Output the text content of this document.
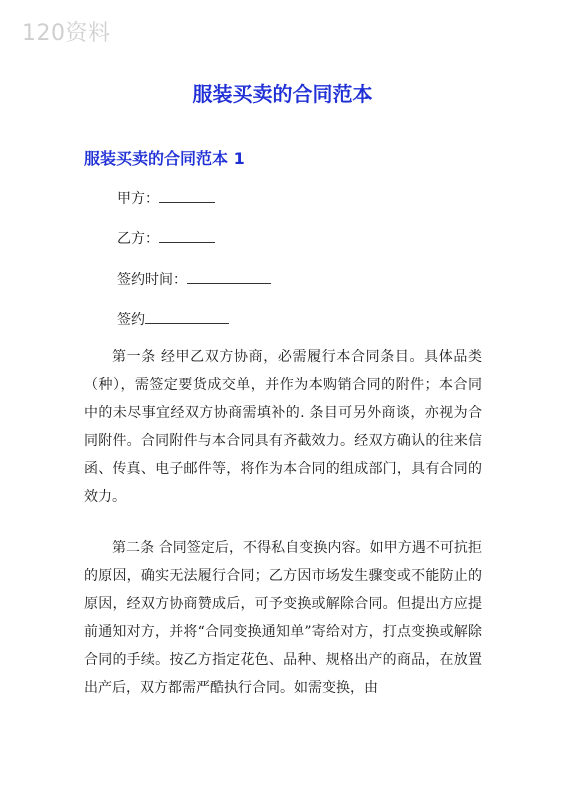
120资料
服装买卖的合同范本
服装买卖的合同范本 1
甲方：
乙方：
签约时间：
签约

第一条 经甲乙双方协商，必需履行本合同条目。具体品类（种），需签定要货成交单，并作为本购销合同的附件；本合同中的未尽事宜经双方协商需填补的. 条目可另外商谈，亦视为合同附件。合同附件与本合同具有齐截效力。经双方确认的往来信函、传真、电子邮件等，将作为本合同的组成部门，具有合同的效力。

第二条 合同签定后，不得私自变换内容。如甲方遇不可抗拒的原因，确实无法履行合同；乙方因市场发生骤变或不能防止的原因，经双方协商赞成后，可予变换或解除合同。但提出方应提前通知对方，并将“合同变换通知单”寄给对方，打点变换或解除合同的手续。按乙方指定花色、品种、规格出产的商品，在放置出产后，双方都需严酷执行合同。如需变换，由
